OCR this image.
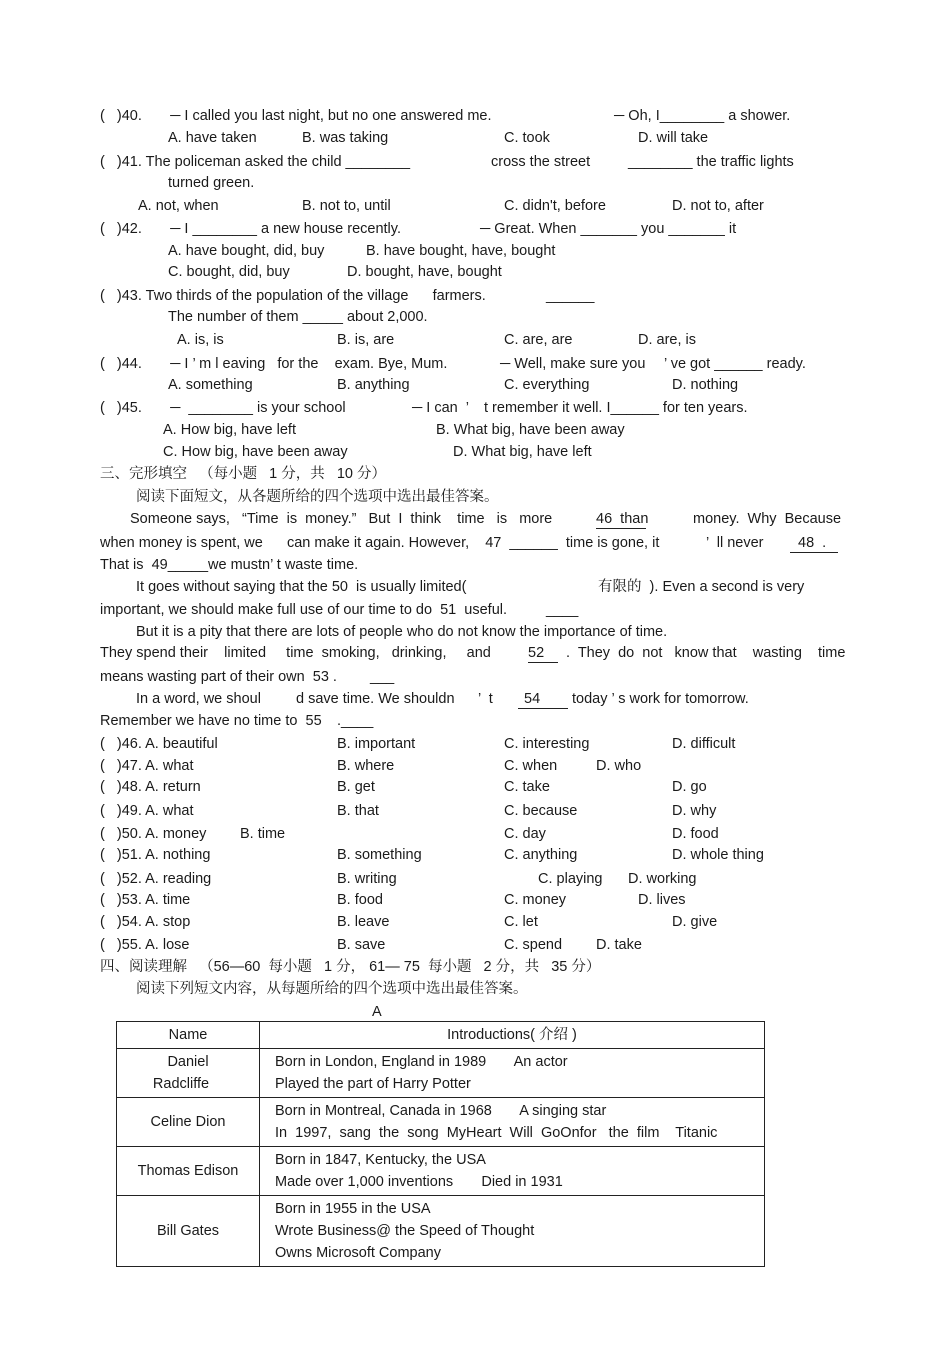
(   )40.       ─ I called you last night, but no one answered me.	─ Oh, I________ a shower.
A. have taken	B. was taking	C. took	D. will take
(   )41. The policeman asked the child ________	cross the street	________ the traffic lights
turned green.
A. not, when	B. not to, until	C. didn't, before	D. not to, after
(   )42.       ─ I ________ a new house recently.	─ Great. When _______ you _______ it
A. have bought, did, buy	B. have bought, have, bought
C. bought, did, buy	D. bought, have, bought
(   )43. Two thirds of the population of the village      farmers.	______
The number of them _____ about 2,000.
A. is, is	B. is, are	C. are, are	D. are, is
(   )44.       ─ I ’ m l eaving   for the    exam. Bye, Mum.	─ Well, make sure you ’ ve got ______ ready.
A. something	B. anything	C. everything	D. nothing
(   )45.       ─  ________ is your school	─ I can  ’ t remember it well. I______ for ten years.
A. How big, have left	B. What big, have been away
C. How big, have been away	D. What big, have left
三、完形填空   （每小题   1 分，共   10 分）
阅读下面短文，从各题所给的四个选项中选出最佳答案。
Someone says,   “Time  is  money.”   But  I  think    time   is   more	46  than	money.  Why  Because
when money is spent, we      can make it again. However,    47  ______  time is gone, it	’  ll never	48  .
That is  49_____we mustn’ t waste time.
It goes without saying that the 50  is usually limited(	有限的  ). Even a second is very
important, we should make full use of our time to do  51  useful.	____
But it is a pity that there are lots of people who do not know the importance of time.
They spend their    limited     time  smoking,   drinking,     and	52	.  They  do  not   know that    wasting    time
means wasting part of their own  53 . ___
In a word, we shoul d save time. We shouldn ’  t	54	today ’ s work for tomorrow.
Remember we have no time to  55 .____
(   )46. A. beautiful	B. important	C. interesting	D. difficult
(   )47. A. what	B. where	C. when	D. who
(   )48. A. return	B. get	C. take	D. go
(   )49. A. what	B. that	C. because	D. why
(   )50. A. money B. time	C. day	D. food
(   )51. A. nothing	B. something	C. anything	D. whole thing
(   )52. A. reading	B. writing	C. playing D. working
(   )53. A. time	B. food	C. money	D. lives
(   )54. A. stop	B. leave	C. let	D. give
(   )55. A. lose	B. save	C. spend D. take
四、阅读理解   （56—60  每小题   1 分， 61— 75  每小题   2 分，共   35 分）
阅读下列短文内容，从每题所给的四个选项中选出最佳答案。
A
Name	Introductions( 介绍 )

Daniel
Radcliffe	Born in London, England in 1989       An actor
Played the part of Harry Potter

Celine Dion	Born in Montreal, Canada in 1968       A singing star
In  1997,  sang  the  song  MyHeart  Will  GoOnfor   the  film    Titanic

Thomas Edison	Born in 1847, Kentucky, the USA
Made over 1,000 inventions       Died in 1931

Bill Gates	Born in 1955 in the USA
Wrote Business@ the Speed of Thought
Owns Microsoft Company
